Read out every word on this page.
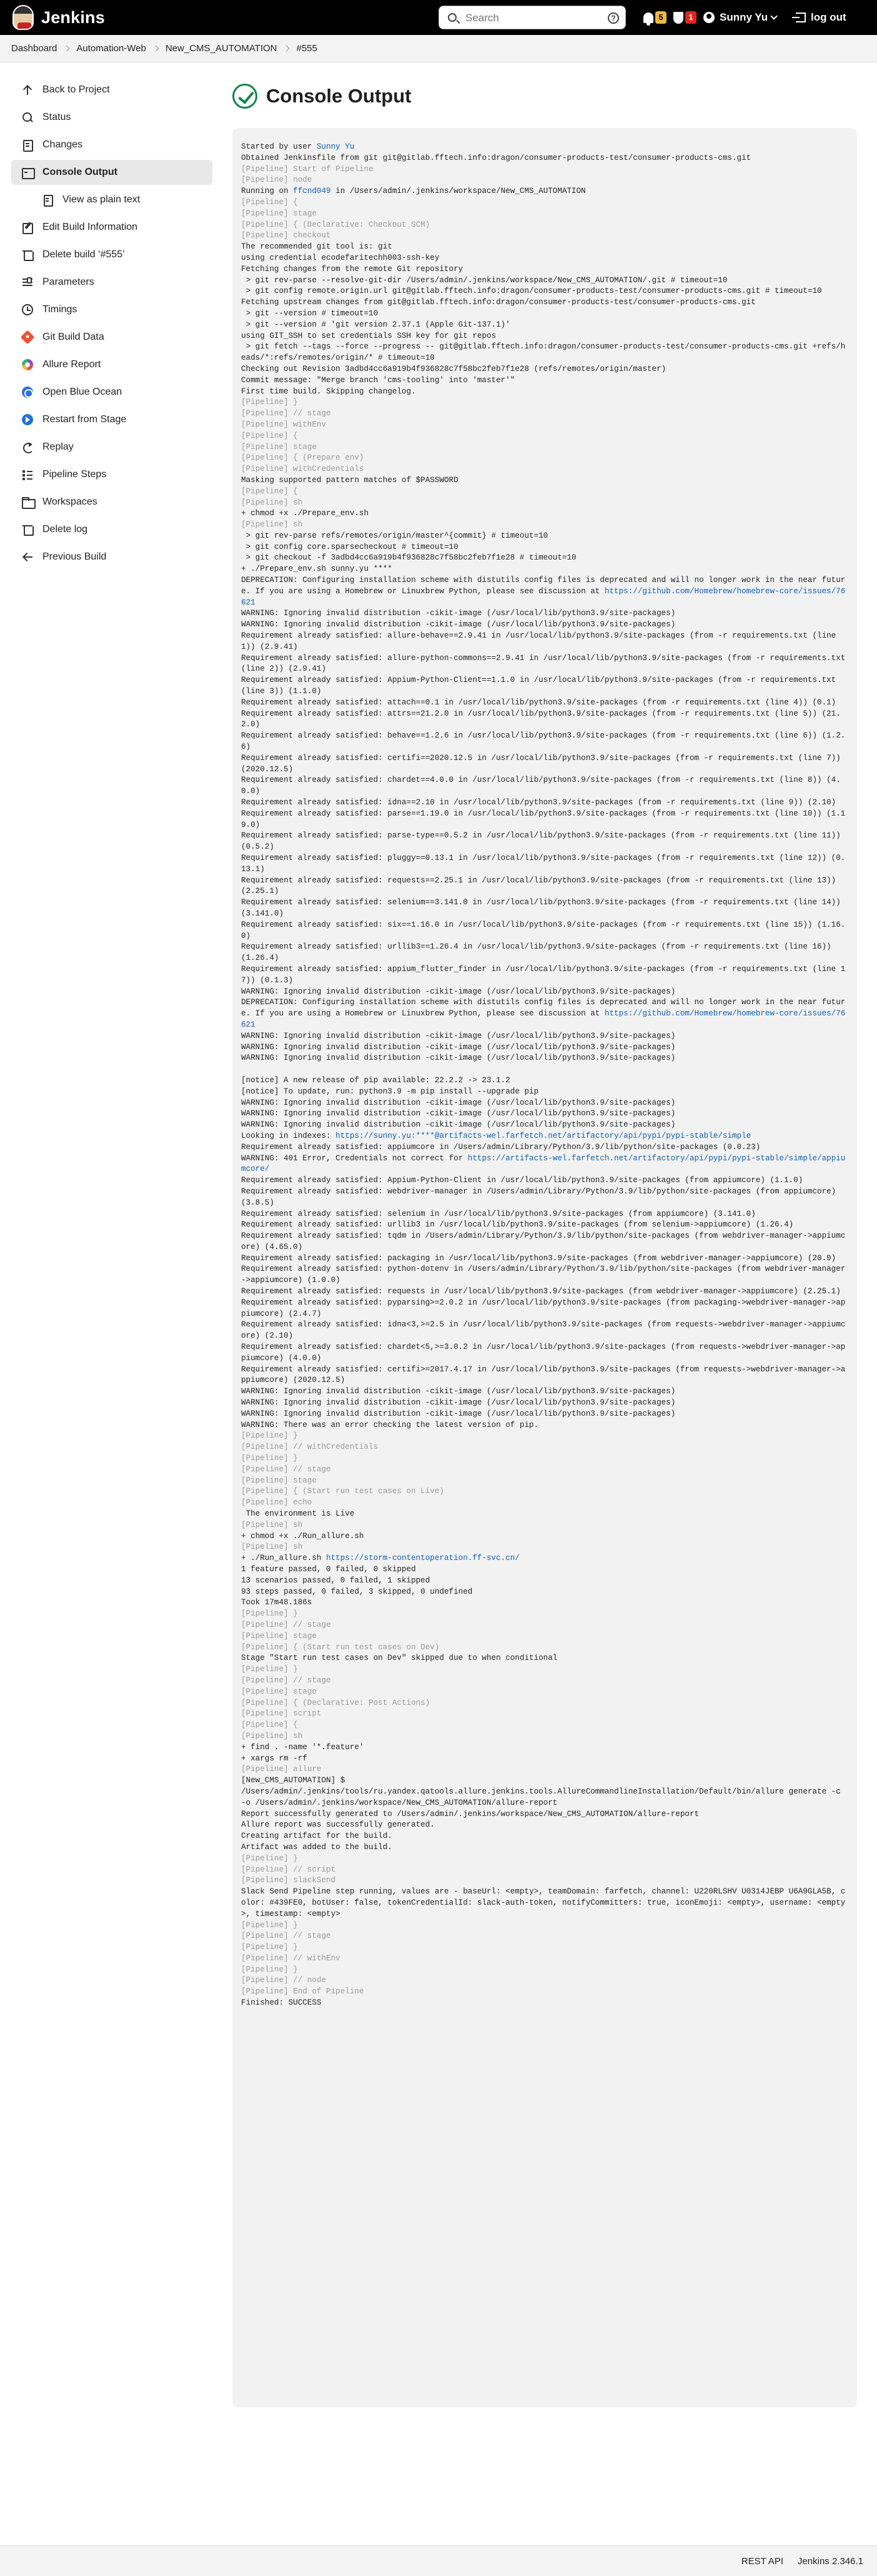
Jenkins
Search	?	5	1	Sunny Yu	log out
Dashboard	Automation-Web	New_CMS_AUTOMATION	#555
Back to Project
Status
Changes
Console Output
View as plain text
Edit Build Information
Delete build ‘#555’
Parameters
Timings
Git Build Data
Allure Report
Open Blue Ocean
Restart from Stage
Replay
Pipeline Steps
Workspaces
Delete log
Previous Build
Console Output
Started by user Sunny Yu
Obtained Jenkinsfile from git git@gitlab.fftech.info:dragon/consumer-products-test/consumer-products-cms.git
[Pipeline] Start of Pipeline
[Pipeline] node
Running on ffcnd049 in /Users/admin/.jenkins/workspace/New_CMS_AUTOMATION
[Pipeline] {
[Pipeline] stage
[Pipeline] { (Declarative: Checkout SCM)
[Pipeline] checkout
The recommended git tool is: git
using credential ecodefaritechh003-ssh-key
Fetching changes from the remote Git repository
> git rev-parse --resolve-git-dir /Users/admin/.jenkins/workspace/New_CMS_AUTOMATION/.git # timeout=10
> git config remote.origin.url git@gitlab.fftech.info:dragon/consumer-products-test/consumer-products-cms.git # timeout=10
Fetching upstream changes from git@gitlab.fftech.info:dragon/consumer-products-test/consumer-products-cms.git
> git --version # timeout=10
> git --version # 'git version 2.37.1 (Apple Git-137.1)'
using GIT_SSH to set credentials SSH key for git repos
> git fetch --tags --force --progress -- git@gitlab.fftech.info:dragon/consumer-products-test/consumer-products-cms.git +refs/heads/*:refs/remotes/origin/* # timeout=10
Checking out Revision 3adbd4cc6a919b4f936828c7f58bc2feb7f1e28 (refs/remotes/origin/master)
Commit message: "Merge branch 'cms-tooling' into 'master'"
First time build. Skipping changelog.
[Pipeline] }
[Pipeline] // stage
[Pipeline] withEnv
[Pipeline] {
[Pipeline] stage
[Pipeline] { (Prepare env)
[Pipeline] withCredentials
Masking supported pattern matches of $PASSWORD
[Pipeline] {
[Pipeline] sh
+ chmod +x ./Prepare_env.sh
[Pipeline] sh
> git rev-parse refs/remotes/origin/master^{commit} # timeout=10
> git config core.sparsecheckout # timeout=10
> git checkout -f 3adbd4cc6a919b4f936828c7f58bc2feb7f1e28 # timeout=10
+ ./Prepare_env.sh sunny.yu ****
DEPRECATION: Configuring installation scheme with distutils config files is deprecated and will no longer work in the near future. If you are using a Homebrew or Linuxbrew Python, please see discussion at https://github.com/Homebrew/homebrew-core/issues/76621
WARNING: Ignoring invalid distribution -cikit-image (/usr/local/lib/python3.9/site-packages)
WARNING: Ignoring invalid distribution -cikit-image (/usr/local/lib/python3.9/site-packages)
Requirement already satisfied: allure-behave==2.9.41 in /usr/local/lib/python3.9/site-packages (from -r requirements.txt (line 1)) (2.9.41)
Requirement already satisfied: allure-python-commons==2.9.41 in /usr/local/lib/python3.9/site-packages (from -r requirements.txt (line 2)) (2.9.41)
Requirement already satisfied: Appium-Python-Client==1.1.0 in /usr/local/lib/python3.9/site-packages (from -r requirements.txt (line 3)) (1.1.0)
Requirement already satisfied: attach==0.1 in /usr/local/lib/python3.9/site-packages (from -r requirements.txt (line 4)) (0.1)
Requirement already satisfied: attrs==21.2.0 in /usr/local/lib/python3.9/site-packages (from -r requirements.txt (line 5)) (21.2.0)
Requirement already satisfied: behave==1.2.6 in /usr/local/lib/python3.9/site-packages (from -r requirements.txt (line 6)) (1.2.6)
Requirement already satisfied: certifi==2020.12.5 in /usr/local/lib/python3.9/site-packages (from -r requirements.txt (line 7)) (2020.12.5)
Requirement already satisfied: chardet==4.0.0 in /usr/local/lib/python3.9/site-packages (from -r requirements.txt (line 8)) (4.0.0)
Requirement already satisfied: idna==2.10 in /usr/local/lib/python3.9/site-packages (from -r requirements.txt (line 9)) (2.10)
Requirement already satisfied: parse==1.19.0 in /usr/local/lib/python3.9/site-packages (from -r requirements.txt (line 10)) (1.19.0)
Requirement already satisfied: parse-type==0.5.2 in /usr/local/lib/python3.9/site-packages (from -r requirements.txt (line 11)) (0.5.2)
Requirement already satisfied: pluggy==0.13.1 in /usr/local/lib/python3.9/site-packages (from -r requirements.txt (line 12)) (0.13.1)
Requirement already satisfied: requests==2.25.1 in /usr/local/lib/python3.9/site-packages (from -r requirements.txt (line 13)) (2.25.1)
Requirement already satisfied: selenium==3.141.0 in /usr/local/lib/python3.9/site-packages (from -r requirements.txt (line 14)) (3.141.0)
Requirement already satisfied: six==1.16.0 in /usr/local/lib/python3.9/site-packages (from -r requirements.txt (line 15)) (1.16.0)
Requirement already satisfied: urllib3==1.26.4 in /usr/local/lib/python3.9/site-packages (from -r requirements.txt (line 16)) (1.26.4)
Requirement already satisfied: appium_flutter_finder in /usr/local/lib/python3.9/site-packages (from -r requirements.txt (line 17)) (0.1.3)
WARNING: Ignoring invalid distribution -cikit-image (/usr/local/lib/python3.9/site-packages)
DEPRECATION: Configuring installation scheme with distutils config files is deprecated and will no longer work in the near future. If you are using a Homebrew or Linuxbrew Python, please see discussion at https://github.com/Homebrew/homebrew-core/issues/76621
WARNING: Ignoring invalid distribution -cikit-image (/usr/local/lib/python3.9/site-packages)
WARNING: Ignoring invalid distribution -cikit-image (/usr/local/lib/python3.9/site-packages)
WARNING: Ignoring invalid distribution -cikit-image (/usr/local/lib/python3.9/site-packages)
[notice] A new release of pip available: 22.2.2 -> 23.1.2
[notice] To update, run: python3.9 -m pip install --upgrade pip
WARNING: Ignoring invalid distribution -cikit-image (/usr/local/lib/python3.9/site-packages)
WARNING: Ignoring invalid distribution -cikit-image (/usr/local/lib/python3.9/site-packages)
WARNING: Ignoring invalid distribution -cikit-image (/usr/local/lib/python3.9/site-packages)
Looking in indexes: https://sunny.yu:****@artifacts-wel.farfetch.net/artifactory/api/pypi/pypi-stable/simple
Requirement already satisfied: appiumcore in /Users/admin/Library/Python/3.9/lib/python/site-packages (0.0.23)
WARNING: 401 Error, Credentials not correct for https://artifacts-wel.farfetch.net/artifactory/api/pypi/pypi-stable/simple/appiumcore/
Requirement already satisfied: Appium-Python-Client in /usr/local/lib/python3.9/site-packages (from appiumcore) (1.1.0)
Requirement already satisfied: webdriver-manager in /Users/admin/Library/Python/3.9/lib/python/site-packages (from appiumcore) (3.8.5)
Requirement already satisfied: selenium in /usr/local/lib/python3.9/site-packages (from appiumcore) (3.141.0)
Requirement already satisfied: urllib3 in /usr/local/lib/python3.9/site-packages (from selenium->appiumcore) (1.26.4)
Requirement already satisfied: tqdm in /Users/admin/Library/Python/3.9/lib/python/site-packages (from webdriver-manager->appiumcore) (4.65.0)
Requirement already satisfied: packaging in /usr/local/lib/python3.9/site-packages (from webdriver-manager->appiumcore) (20.9)
Requirement already satisfied: python-dotenv in /Users/admin/Library/Python/3.9/lib/python/site-packages (from webdriver-manager->appiumcore) (1.0.0)
Requirement already satisfied: requests in /usr/local/lib/python3.9/site-packages (from webdriver-manager->appiumcore) (2.25.1)
Requirement already satisfied: pyparsing>=2.0.2 in /usr/local/lib/python3.9/site-packages (from packaging->webdriver-manager->appiumcore) (2.4.7)
Requirement already satisfied: idna<3,>=2.5 in /usr/local/lib/python3.9/site-packages (from requests->webdriver-manager->appiumcore) (2.10)
Requirement already satisfied: chardet<5,>=3.0.2 in /usr/local/lib/python3.9/site-packages (from requests->webdriver-manager->appiumcore) (4.0.0)
Requirement already satisfied: certifi>=2017.4.17 in /usr/local/lib/python3.9/site-packages (from requests->webdriver-manager->appiumcore) (2020.12.5)
WARNING: Ignoring invalid distribution -cikit-image (/usr/local/lib/python3.9/site-packages)
WARNING: Ignoring invalid distribution -cikit-image (/usr/local/lib/python3.9/site-packages)
WARNING: Ignoring invalid distribution -cikit-image (/usr/local/lib/python3.9/site-packages)
WARNING: There was an error checking the latest version of pip.
[Pipeline] }
[Pipeline] // withCredentials
[Pipeline] }
[Pipeline] // stage
[Pipeline] stage
[Pipeline] { (Start run test cases on Live)
[Pipeline] echo
The environment is Live
[Pipeline] sh
+ chmod +x ./Run_allure.sh
[Pipeline] sh
+ ./Run_allure.sh https://storm-contentoperation.ff-svc.cn/
1 feature passed, 0 failed, 0 skipped
13 scenarios passed, 0 failed, 1 skipped
93 steps passed, 0 failed, 3 skipped, 0 undefined
Took 17m48.186s
[Pipeline] }
[Pipeline] // stage
[Pipeline] stage
[Pipeline] { (Start run test cases on Dev)
Stage "Start run test cases on Dev" skipped due to when conditional
[Pipeline] }
[Pipeline] // stage
[Pipeline] stage
[Pipeline] { (Declarative: Post Actions)
[Pipeline] script
[Pipeline] {
[Pipeline] sh
+ find . -name '*.feature'
+ xargs rm -rf
[Pipeline] allure
[New_CMS_AUTOMATION] $
/Users/admin/.jenkins/tools/ru.yandex.qatools.allure.jenkins.tools.AllureCommandlineInstallation/Default/bin/allure generate -c -o /Users/admin/.jenkins/workspace/New_CMS_AUTOMATION/allure-report
Report successfully generated to /Users/admin/.jenkins/workspace/New_CMS_AUTOMATION/allure-report
Allure report was successfully generated.
Creating artifact for the build.
Artifact was added to the build.
[Pipeline] }
[Pipeline] // script
[Pipeline] slackSend
Slack Send Pipeline step running, values are - baseUrl: <empty>, teamDomain: farfetch, channel: U220RLSHV U0314JEBP U6A9GLA5B, color: #439FE0, botUser: false, tokenCredentialId: slack-auth-token, notifyCommitters: true, iconEmoji: <empty>, username: <empty>, timestamp: <empty>
[Pipeline] }
[Pipeline] // stage
[Pipeline] }
[Pipeline] // withEnv
[Pipeline] }
[Pipeline] // node
[Pipeline] End of Pipeline
Finished: SUCCESS
REST API Jenkins 2.346.1
